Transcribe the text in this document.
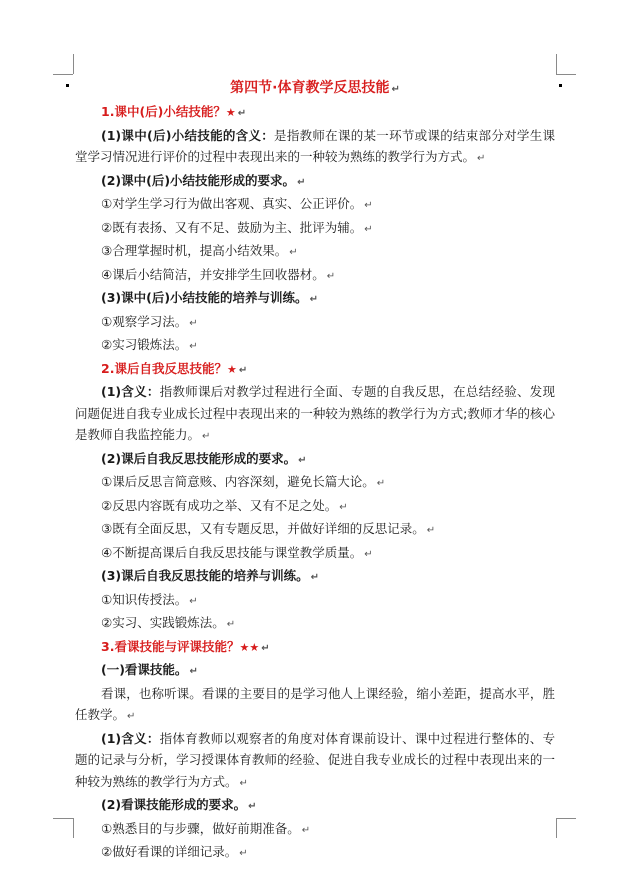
第四节·体育教学反思技能 ↵
1.课中(后)小结技能？★ ↵
(1)课中(后)小结技能的含义：是指教师在课的某一环节或课的结束部分对学生课堂学习情况进行评价的过程中表现出来的一种较为熟练的教学行为方式。 ↵
(2)课中(后)小结技能形成的要求。 ↵
①对学生学习行为做出客观、真实、公正评价。 ↵
②既有表扬、又有不足、鼓励为主、批评为辅。 ↵
③合理掌握时机，提高小结效果。 ↵
④课后小结简洁，并安排学生回收器材。 ↵
(3)课中(后)小结技能的培养与训练。 ↵
①观察学习法。 ↵
②实习锻炼法。 ↵
2.课后自我反思技能？★ ↵
(1)含义：指教师课后对教学过程进行全面、专题的自我反思，在总结经验、发现问题促进自我专业成长过程中表现出来的一种较为熟练的教学行为方式;教师才华的核心是教师自我监控能力。 ↵
(2)课后自我反思技能形成的要求。 ↵
①课后反思言简意赅、内容深刻，避免长篇大论。 ↵
②反思内容既有成功之举、又有不足之处。 ↵
③既有全面反思，又有专题反思，并做好详细的反思记录。 ↵
④不断提高课后自我反思技能与课堂教学质量。 ↵
(3)课后自我反思技能的培养与训练。 ↵
①知识传授法。 ↵
②实习、实践锻炼法。 ↵
3.看课技能与评课技能？★★ ↵
(一)看课技能。 ↵
看课，也称听课。看课的主要目的是学习他人上课经验，缩小差距，提高水平，胜任教学。 ↵
(1)含义：指体育教师以观察者的角度对体育课前设计、课中过程进行整体的、专题的记录与分析，学习授课体育教师的经验、促进自我专业成长的过程中表现出来的一种较为熟练的教学行为方式。 ↵
(2)看课技能形成的要求。 ↵
①熟悉目的与步骤，做好前期准备。 ↵
②做好看课的详细记录。 ↵
